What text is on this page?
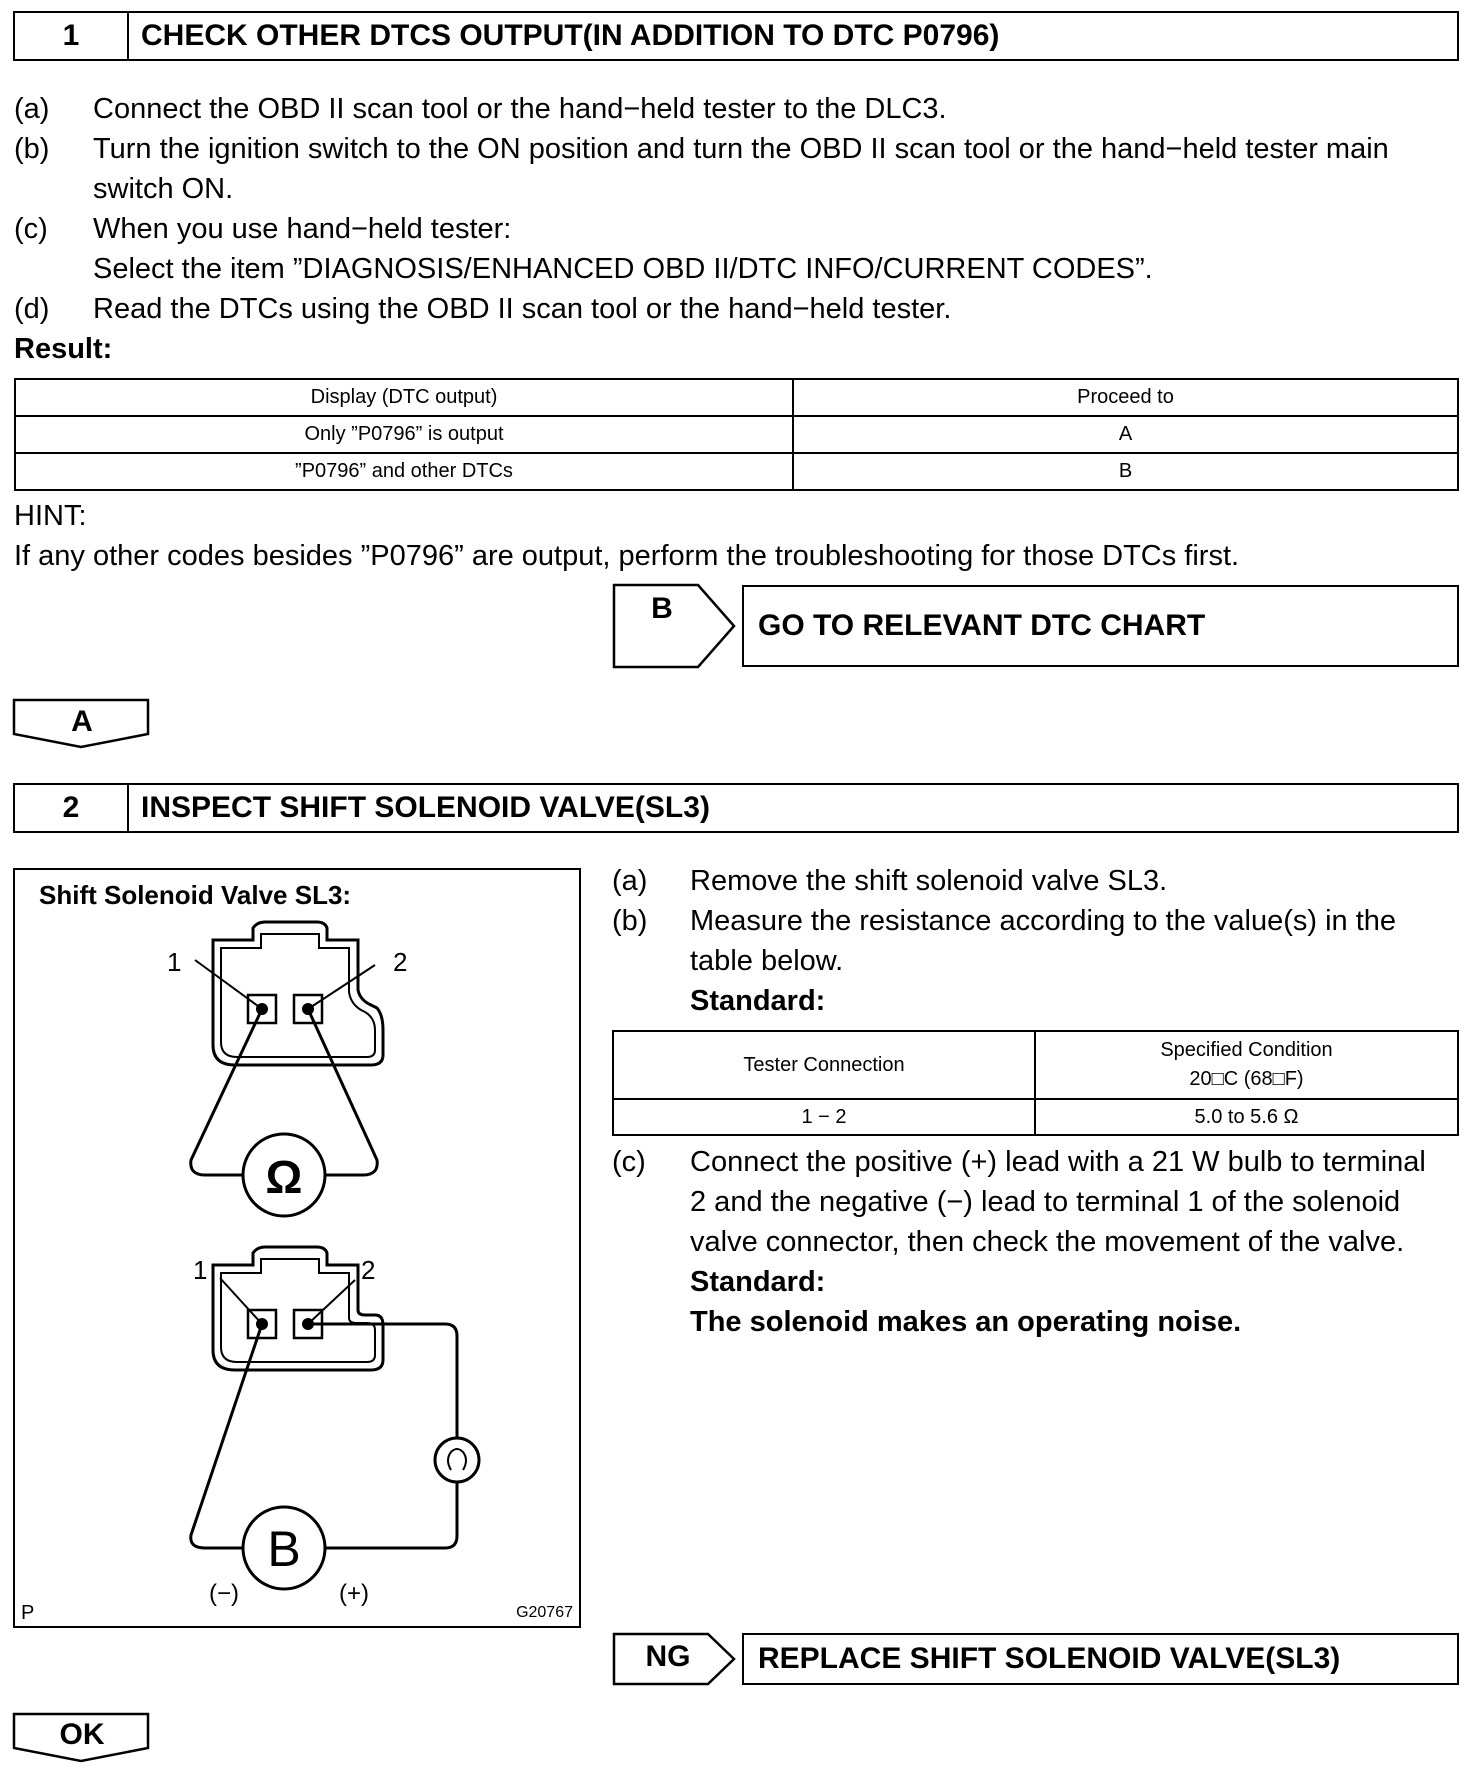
1	CHECK OTHER DTCS OUTPUT(IN ADDITION TO DTC P0796)
(a) Connect the OBD II scan tool or the hand−held tester to the DLC3.
(b) Turn the ignition switch to the ON position and turn the OBD II scan tool or the hand−held tester main
switch ON.
(c) When you use hand−held tester:
Select the item ”DIAGNOSIS/ENHANCED OBD II/DTC INFO/CURRENT CODES”.
(d) Read the DTCs using the OBD II scan tool or the hand−held tester.
Result:
Display (DTC output)	Proceed to
Only ”P0796” is output	A
”P0796” and other DTCs	B
HINT:
If any other codes besides ”P0796” are output, perform the troubleshooting for those DTCs first.
B
GO TO RELEVANT DTC CHART
A
2	INSPECT SHIFT SOLENOID VALVE(SL3)
Shift Solenoid Valve SL3:
1	2
Ω
1	2
B
(−)	(+)
P	G20767
(a) Remove the shift solenoid valve SL3.
(b) Measure the resistance according to the value(s) in the
table below.
Standard:
Tester Connection	Specified Condition
20□C (68□F)

1 − 2	5.0 to 5.6 Ω
(c) Connect the positive (+) lead with a 21 W bulb to terminal
2 and the negative (−) lead to terminal 1 of the solenoid
valve connector, then check the movement of the valve.
Standard:
The solenoid makes an operating noise.
NG	REPLACE SHIFT SOLENOID VALVE(SL3)
OK
